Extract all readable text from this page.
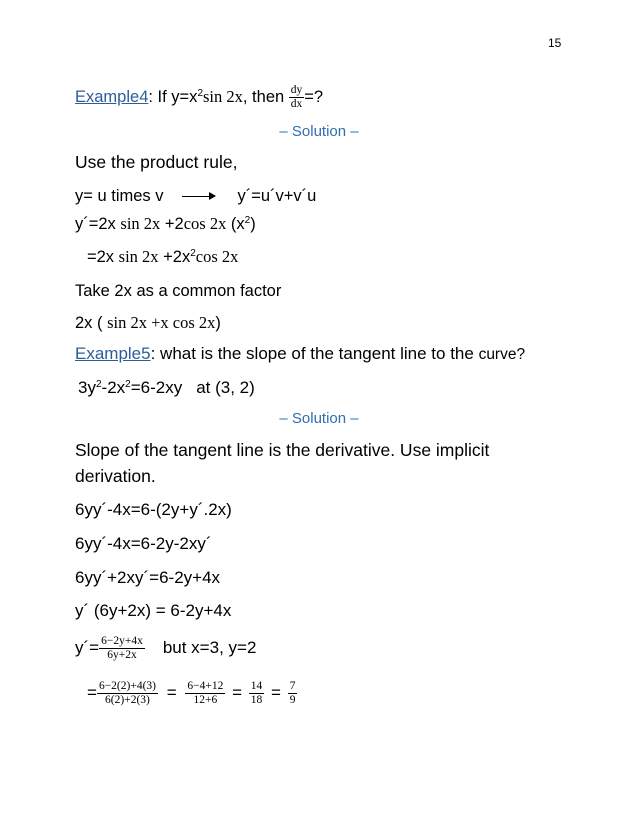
15
Example4: If $y=x^2\sin$ 2x, then $\frac{dy}{dx}$ =?
– Solution –
Use the product rule,
y= u times v	y´=u´v+v´u
y´=2x sin 2x +2cos 2x $(x^2)$
=2x $\sin 2x +2x^2\cos$ 2x
Take 2x as a common factor
2x ( sin 2x +x cos 2x)
Example5: what is the slope of the tangent line to the curve?
$3y^2-2x^2=6-2xy$ at (3, 2)
– Solution –
Slope of the tangent line is the derivative. Use implicit
derivation.
6yy´-4x=6-(2y+y´.2x)
6yy´-4x=6-2y-2xy´
6yy´+2xy´=6-2y+4x
y´ (6y+2x) = 6-2y+4x
y´= $\frac{6-2y+4x}{6y+2x}$ but x=3, y=2
= $\frac{6-2(2)+4(3)}{6(2)+2(3)} = \frac{6-4+12}{12+6} = \frac{14}{18} = \frac{7}{9}$
